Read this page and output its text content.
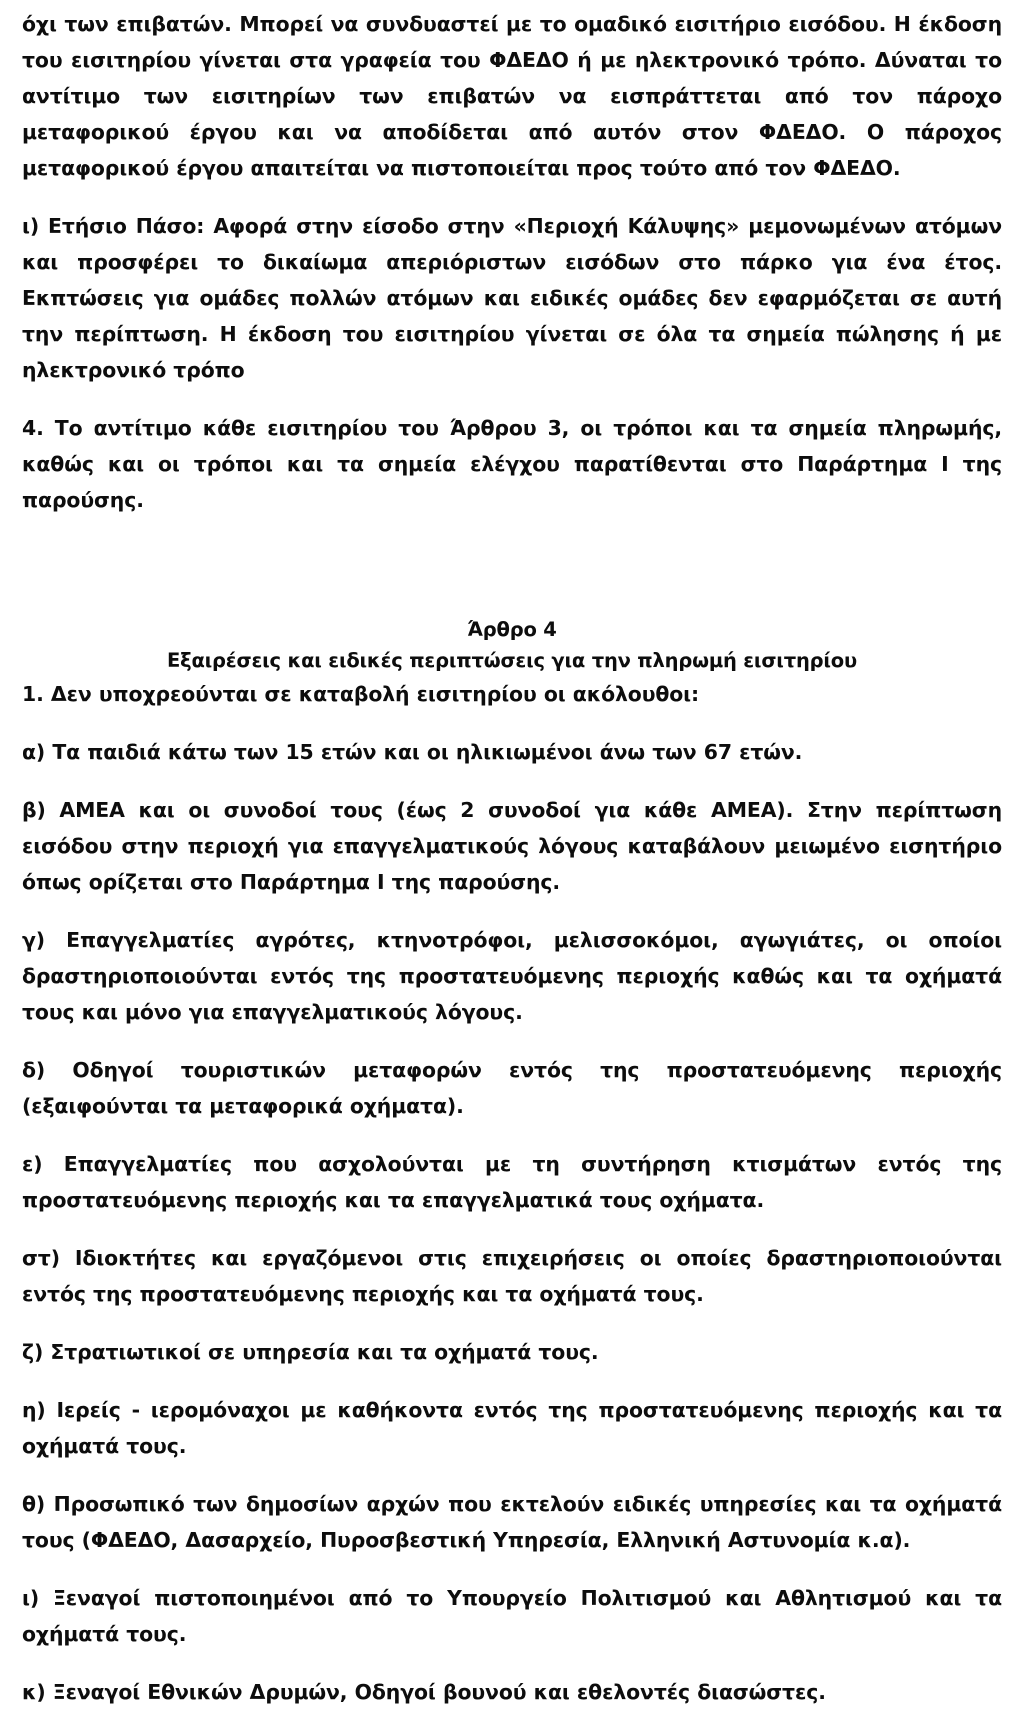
όχι των επιβατών. Μπορεί να συνδυαστεί με το ομαδικό εισιτήριο εισόδου. Η έκδοση του εισιτηρίου γίνεται στα γραφεία του ΦΔΕΔΟ ή με ηλεκτρονικό τρόπο. Δύναται το αντίτιμο των εισιτηρίων των επιβατών να εισπράττεται από τον πάροχο μεταφορικού έργου και να αποδίδεται από αυτόν στον ΦΔΕΔΟ. Ο πάροχος μεταφορικού έργου απαιτείται να πιστοποιείται προς τούτο από τον ΦΔΕΔΟ.

ι) Ετήσιο Πάσο: Αφορά στην είσοδο στην «Περιοχή Κάλυψης» μεμονωμένων ατόμων και προσφέρει το δικαίωμα απεριόριστων εισόδων στο πάρκο για ένα έτος. Εκπτώσεις για ομάδες πολλών ατόμων και ειδικές ομάδες δεν εφαρμόζεται σε αυτή την περίπτωση. Η έκδοση του εισιτηρίου γίνεται σε όλα τα σημεία πώλησης ή με ηλεκτρονικό τρόπο

4. Το αντίτιμο κάθε εισιτηρίου του Άρθρου 3, οι τρόποι και τα σημεία πληρωμής, καθώς και οι τρόποι και τα σημεία ελέγχου παρατίθενται στο Παράρτημα Ι της παρούσης.

Άρθρο 4
Εξαιρέσεις και ειδικές περιπτώσεις για την πληρωμή εισιτηρίου

1. Δεν υποχρεούνται σε καταβολή εισιτηρίου οι ακόλουθοι:

α) Τα παιδιά κάτω των 15 ετών και οι ηλικιωμένοι άνω των 67 ετών.

β) ΑΜΕΑ και οι συνοδοί τους (έως 2 συνοδοί για κάθε ΑΜΕΑ). Στην περίπτωση εισόδου στην περιοχή για επαγγελματικούς λόγους καταβάλουν μειωμένο εισητήριο όπως ορίζεται στο Παράρτημα Ι της παρούσης.

γ) Επαγγελματίες αγρότες, κτηνοτρόφοι, μελισσοκόμοι, αγωγιάτες, οι οποίοι δραστηριοποιούνται εντός της προστατευόμενης περιοχής καθώς και τα οχήματά τους και μόνο για επαγγελματικούς λόγους.

δ) Οδηγοί τουριστικών μεταφορών εντός της προστατευόμενης περιοχής (εξαιφούνται τα μεταφορικά οχήματα).

ε) Επαγγελματίες που ασχολούνται με τη συντήρηση κτισμάτων εντός της προστατευόμενης περιοχής και τα επαγγελματικά τους οχήματα.

στ) Ιδιοκτήτες και εργαζόμενοι στις επιχειρήσεις οι οποίες δραστηριοποιούνται εντός της προστατευόμενης περιοχής και τα οχήματά τους.

ζ) Στρατιωτικοί σε υπηρεσία και τα οχήματά τους.

η) Ιερείς - ιερομόναχοι με καθήκοντα εντός της προστατευόμενης περιοχής και τα οχήματά τους.

θ) Προσωπικό των δημοσίων αρχών που εκτελούν ειδικές υπηρεσίες και τα οχήματά τους (ΦΔΕΔΟ, Δασαρχείο, Πυροσβεστική Υπηρεσία, Ελληνική Αστυνομία κ.α).

ι) Ξεναγοί πιστοποιημένοι από το Υπουργείο Πολιτισμού και Αθλητισμού και τα οχήματά τους.

κ) Ξεναγοί Εθνικών Δρυμών, Οδηγοί βουνού και εθελοντές διασώστες.
